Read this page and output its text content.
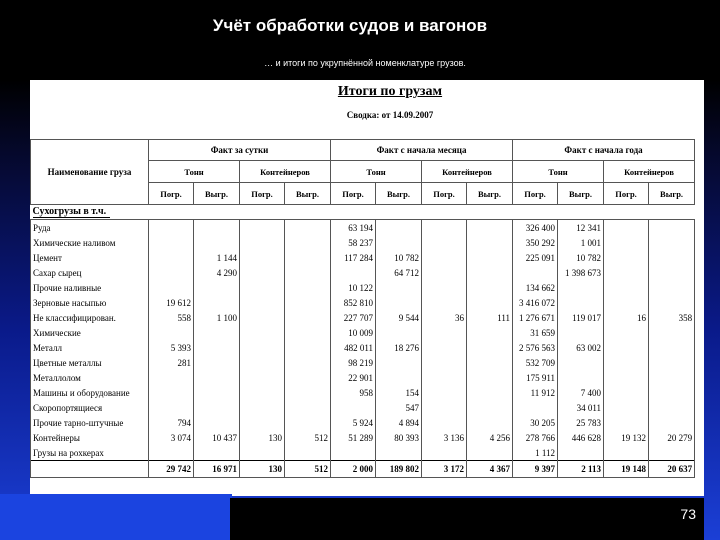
Учёт обработки судов и вагонов
… и итоги по укрупнённой номенклатуре грузов.
Итоги по грузам
Сводка: от 14.09.2007
Наименование груза	Факт за сутки				Факт с начала месяца				Факт с начала года			
	Тонн		Контейнеров		Тонн		Контейнеров		Тонн		Контейнеров	
	Погр.	Выгр.	Погр.	Выгр.	Погр.	Выгр.	Погр.	Выгр.	Погр.	Выгр.	Погр.	Выгр.
Сухогрузы в т.ч.												
Руда					63 194				326 400	12 341		
Химические наливом					58 237				350 292	1 001		
Цемент		1 144			117 284	10 782			225 091	10 782		
Сахар сырец		4 290				64 712				1 398 673		
Прочие наливные					10 122				134 662			
Зерновые насыпью	19 612				852 810				3 416 072			
Не классифицирован.	558	1 100			227 707	9 544	36	111	1 276 671	119 017	16	358
Химические					10 009				31 659			
Металл	5 393				482 011	18 276			2 576 563	63 002		
Цветные металлы	281				98 219				532 709			
Металлолом					22 901				175 911			
Машины и оборудование					958	154			11 912	7 400		
Скоропортящиеся						547				34 011		
Прочие тарно-штучные	794				5 924	4 894			30 205	25 783		
Контейнеры	3 074	10 437	130	512	51 289	80 393	3 136	4 256	278 766	446 628	19 132	20 279
Грузы на рохкерах									1 112			
	29 742	16 971	130	512	2 000	189 802	3 172	4 367	9 397	2 113	19 148	20 637
73
